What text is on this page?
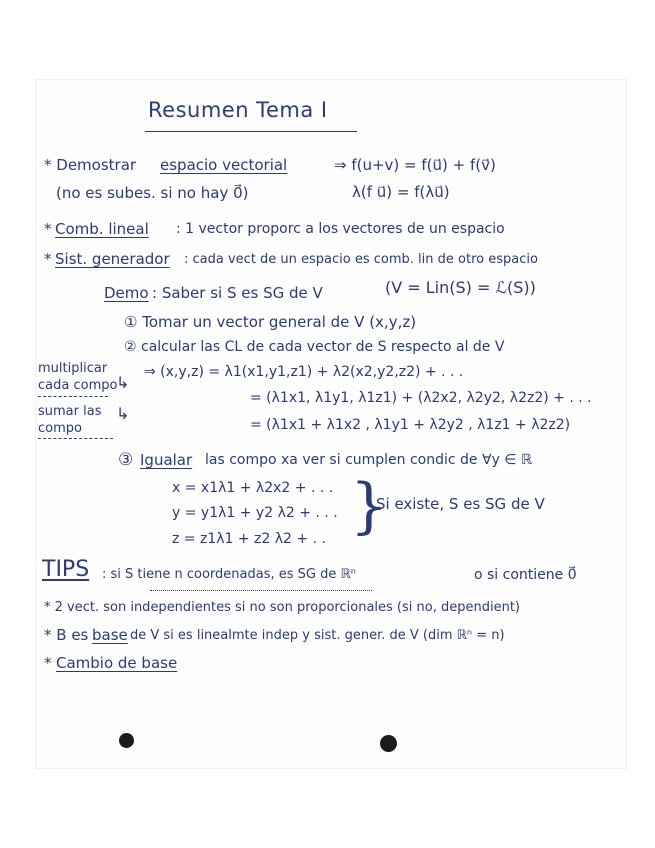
Resumen Tema I
* Demostrar espacio vectorial	⇒ f(u+v) = f(u⃗) + f(v⃗)
(no es subes. si no hay 0⃗)	λ(f u⃗) = f(λu⃗)
* Comb. lineal : 1 vector proporc a los vectores de un espacio
* Sist. generador : cada vect de un espacio es comb. lin de otro espacio
Demo : Saber si S es SG de V	(V = Lin(S) = ℒ(S))
① Tomar un vector general de V (x,y,z)
② calcular las CL de cada vector de S respecto al de V
multiplicar
cada compo
sumar las
compo
↳
↳
⇒ (x,y,z) = λ1(x1,y1,z1) + λ2(x2,y2,z2) + . . .
= (λ1x1, λ1y1, λ1z1) + (λ2x2, λ2y2, λ2z2) + . . .
= (λ1x1 + λ1x2 , λ1y1 + λ2y2 , λ1z1 + λ2z2)
③ Igualar las compo xa ver si cumplen condic de ∀y ∈ ℝ
x = x1λ1 + λ2x2 + . . .
y = y1λ1 + y2 λ2 + . . .
z = z1λ1 + z2 λ2 + . . }
Si existe, S es SG de V
TIPS : si S tiene n coordenadas, es SG de ℝⁿ	o si contiene 0⃗
* 2 vect. son independientes si no son proporcionales (si no, dependient)
* B es base de V si es linealmte indep y sist. gener. de V (dim ℝⁿ = n)
* Cambio de base
